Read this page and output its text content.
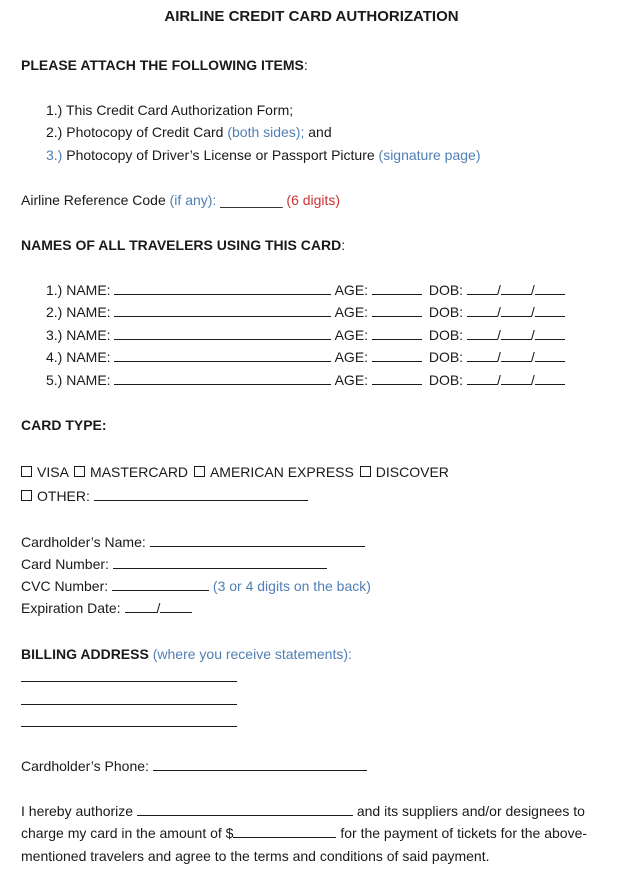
AIRLINE CREDIT CARD AUTHORIZATION
PLEASE ATTACH THE FOLLOWING ITEMS:
1.) This Credit Card Authorization Form;
2.) Photocopy of Credit Card (both sides); and
3.) Photocopy of Driver’s License or Passport Picture (signature page)
Airline Reference Code (if any): ________ (6 digits)
NAMES OF ALL TRAVELERS USING THIS CARD:
1.) NAME:	AGE:	DOB: / /
2.) NAME:	AGE:	DOB: / /
3.) NAME:	AGE:	DOB: / /
4.) NAME:	AGE:	DOB: / /
5.) NAME:	AGE:	DOB: / /
CARD TYPE:
VISA MASTERCARD AMERICAN EXPRESS DISCOVER
OTHER:
Cardholder’s Name:
Card Number:
CVC Number:	(3 or 4 digits on the back)
Expiration Date:	/
BILLING ADDRESS (where you receive statements):
Cardholder’s Phone:
I hereby authorize	and its suppliers and/or designees to
charge my card in the amount of $	for the payment of tickets for the above-
mentioned travelers and agree to the terms and conditions of said payment.
